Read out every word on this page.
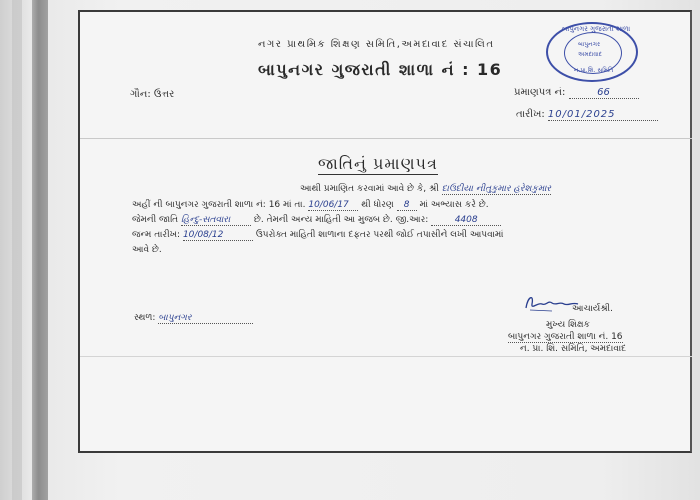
નગર પ્રાથમિક શિક્ષણ સમિતિ,અમદાવાદ સંચાલિત
બાપુનગર ગુજરાતી શાળા નં : 16
બાપુનગર ગુજરાતી શાળા
બાપુનગર
અમદાવાદ
ન.પ્રા.શિ. સમિતિ
ગૌન: ઉત્તર	પ્રમાણપત્ર નં:	66
તારીખ: 10/01/2025
જાતિનું પ્રમાણપત્ર
આથી પ્રમાણિત કરવામાં આવે છે કે, શ્રી દાઉદીયા નીતુકુમાર હરેશકુમાર
અહીં ની બાપુનગર ગુજરાતી શાળા નં: 16 માં તા. 10/06/17 થી ધોરણ 8 માં અભ્યાસ કરે છે.
જેમની જાતિ હિન્દુ-સતવારા	છે. તેમની અન્ય માહિતી આ મુજબ છે. જી.આર:	4408
જન્મ તારીખ: 10/08/12	ઉપરોક્ત માહિતી શાળાના દફતર પરથી જોઈ તપાસીને લખી આપવામાં
આવે છે.
સ્થળ: બાપુનગર
આચાર્યશ્રી.
મુખ્ય શિક્ષક
બાપુનગર ગુજરાતી શાળા નં. 16
ન. પ્રા. શિ. સમિતિ, અમદાવાદ
